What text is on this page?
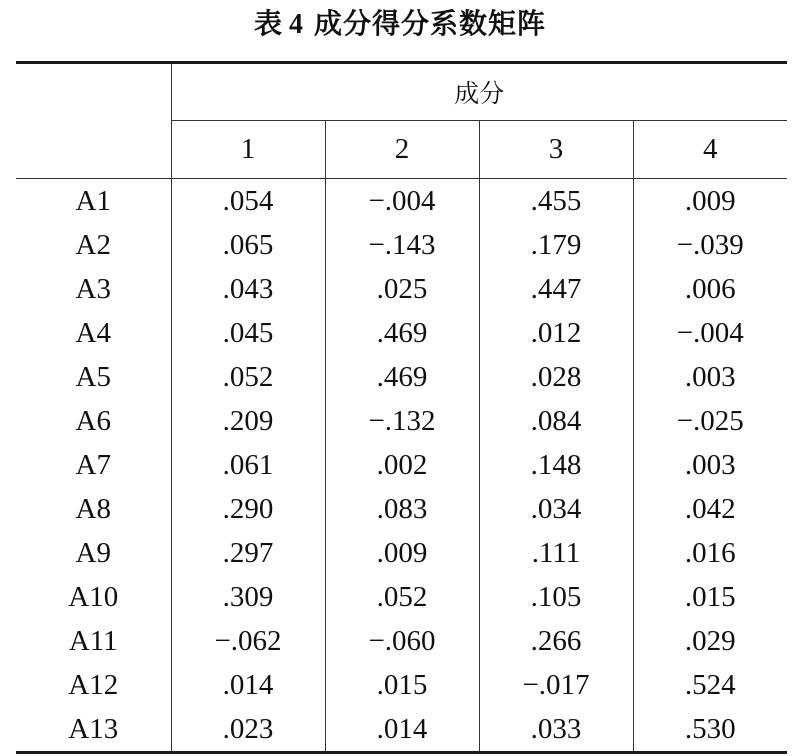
表 4 成分得分系数矩阵
	成分			
	1	2	3	4
A1	.054	−.004	.455	.009
A2	.065	−.143	.179	−.039
A3	.043	.025	.447	.006
A4	.045	.469	.012	−.004
A5	.052	.469	.028	.003
A6	.209	−.132	.084	−.025
A7	.061	.002	.148	.003
A8	.290	.083	.034	.042
A9	.297	.009	.111	.016
A10	.309	.052	.105	.015
A11	−.062	−.060	.266	.029
A12	.014	.015	−.017	.524
A13	.023	.014	.033	.530
